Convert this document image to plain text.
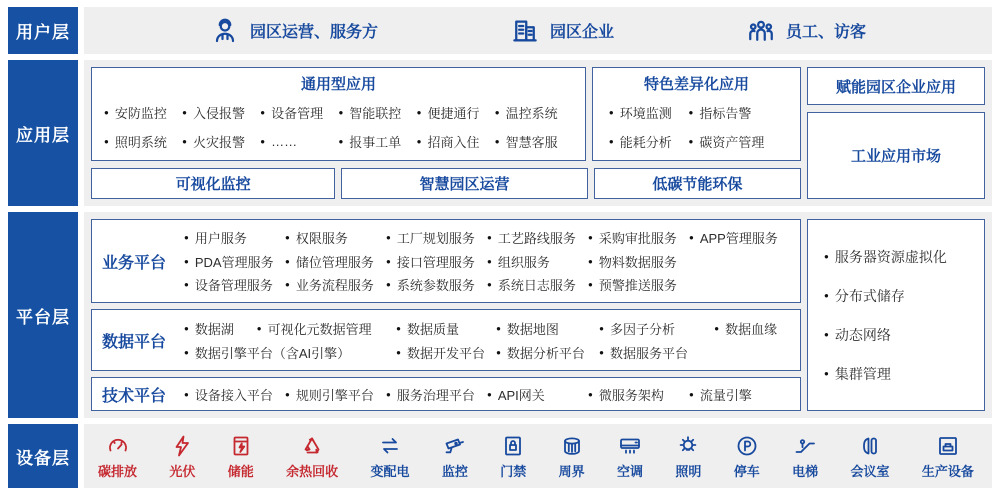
用户层	园区运营、服务方	园区企业	员工、访客
应用层
通用型应用
● 安防监控 ● 入侵报警 ● 设备管理 ● 智能联控 ● 便捷通行 ● 温控系统
● 照明系统 ● 火灾报警 ● ……	● 报事工单 ● 招商入住 ● 智慧客服
特色差异化应用
● 环境监测 ● 指标告警
● 能耗分析 ● 碳资产管理
可视化监控	智慧园区运营	低碳节能环保
赋能园区企业应用
工业应用市场
平台层
业务平台
● 用户服务	● 权限服务	● 工厂规划服务 ● 工艺路线服务 ● 采购审批服务 ● APP管理服务
● PDA管理服务 ● 储位管理服务 ● 接口管理服务 ● 组织服务	● 物料数据服务
● 设备管理服务 ● 业务流程服务 ● 系统参数服务 ● 系统日志服务 ● 预警推送服务
数据平台
● 数据湖	● 可视化元数据管理	● 数据质量	● 数据地图	● 多因子分析	● 数据血缘
● 数据引擎平台（含AI引擎）	● 数据开发平台 ● 数据分析平台 ● 数据服务平台
技术平台	● 设备接入平台 ● 规则引擎平台 ● 服务治理平台 ● API网关	● 微服务架构	● 流量引擎
● 服务器资源虚拟化
● 分布式储存
● 动态网络
● 集群管理
设备层
碳排放 光伏 储能 余热回收 变配电 监控 门禁 周界 空调 照明 停车 电梯 会议室 生产设备
